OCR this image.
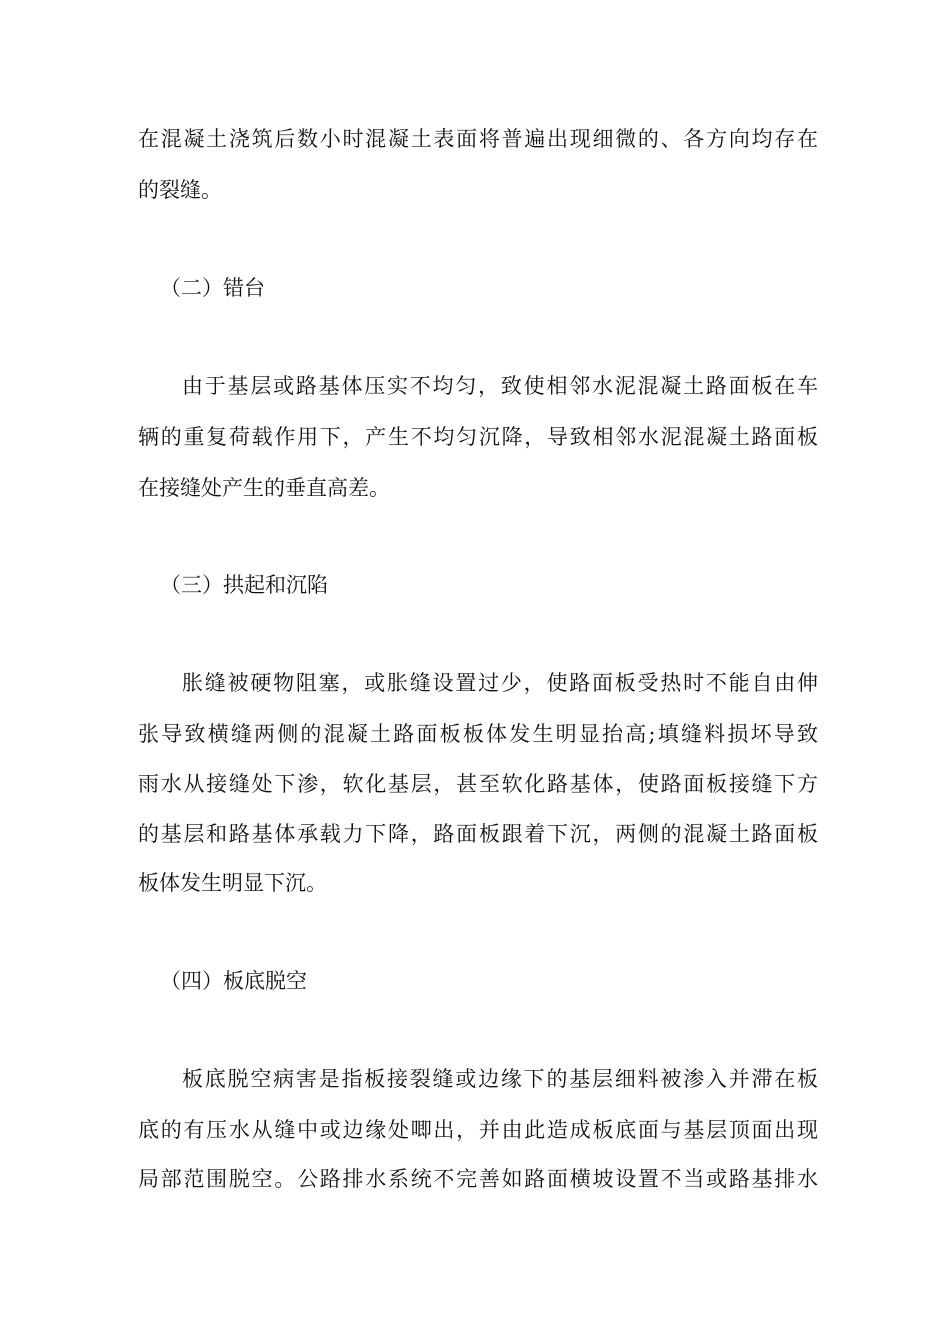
在混凝土浇筑后数小时混凝土表面将普遍出现细微的、各方向均存在
的裂缝。
（二）错台
由于基层或路基体压实不均匀，致使相邻水泥混凝土路面板在车
辆的重复荷载作用下，产生不均匀沉降，导致相邻水泥混凝土路面板
在接缝处产生的垂直高差。
（三）拱起和沉陷
胀缝被硬物阻塞，或胀缝设置过少，使路面板受热时不能自由伸
张导致横缝两侧的混凝土路面板板体发生明显抬高;填缝料损坏导致
雨水从接缝处下渗，软化基层，甚至软化路基体，使路面板接缝下方
的基层和路基体承载力下降，路面板跟着下沉，两侧的混凝土路面板
板体发生明显下沉。
（四）板底脱空
板底脱空病害是指板接裂缝或边缘下的基层细料被渗入并滞在板
底的有压水从缝中或边缘处唧出，并由此造成板底面与基层顶面出现
局部范围脱空。公路排水系统不完善如路面横坡设置不当或路基排水
